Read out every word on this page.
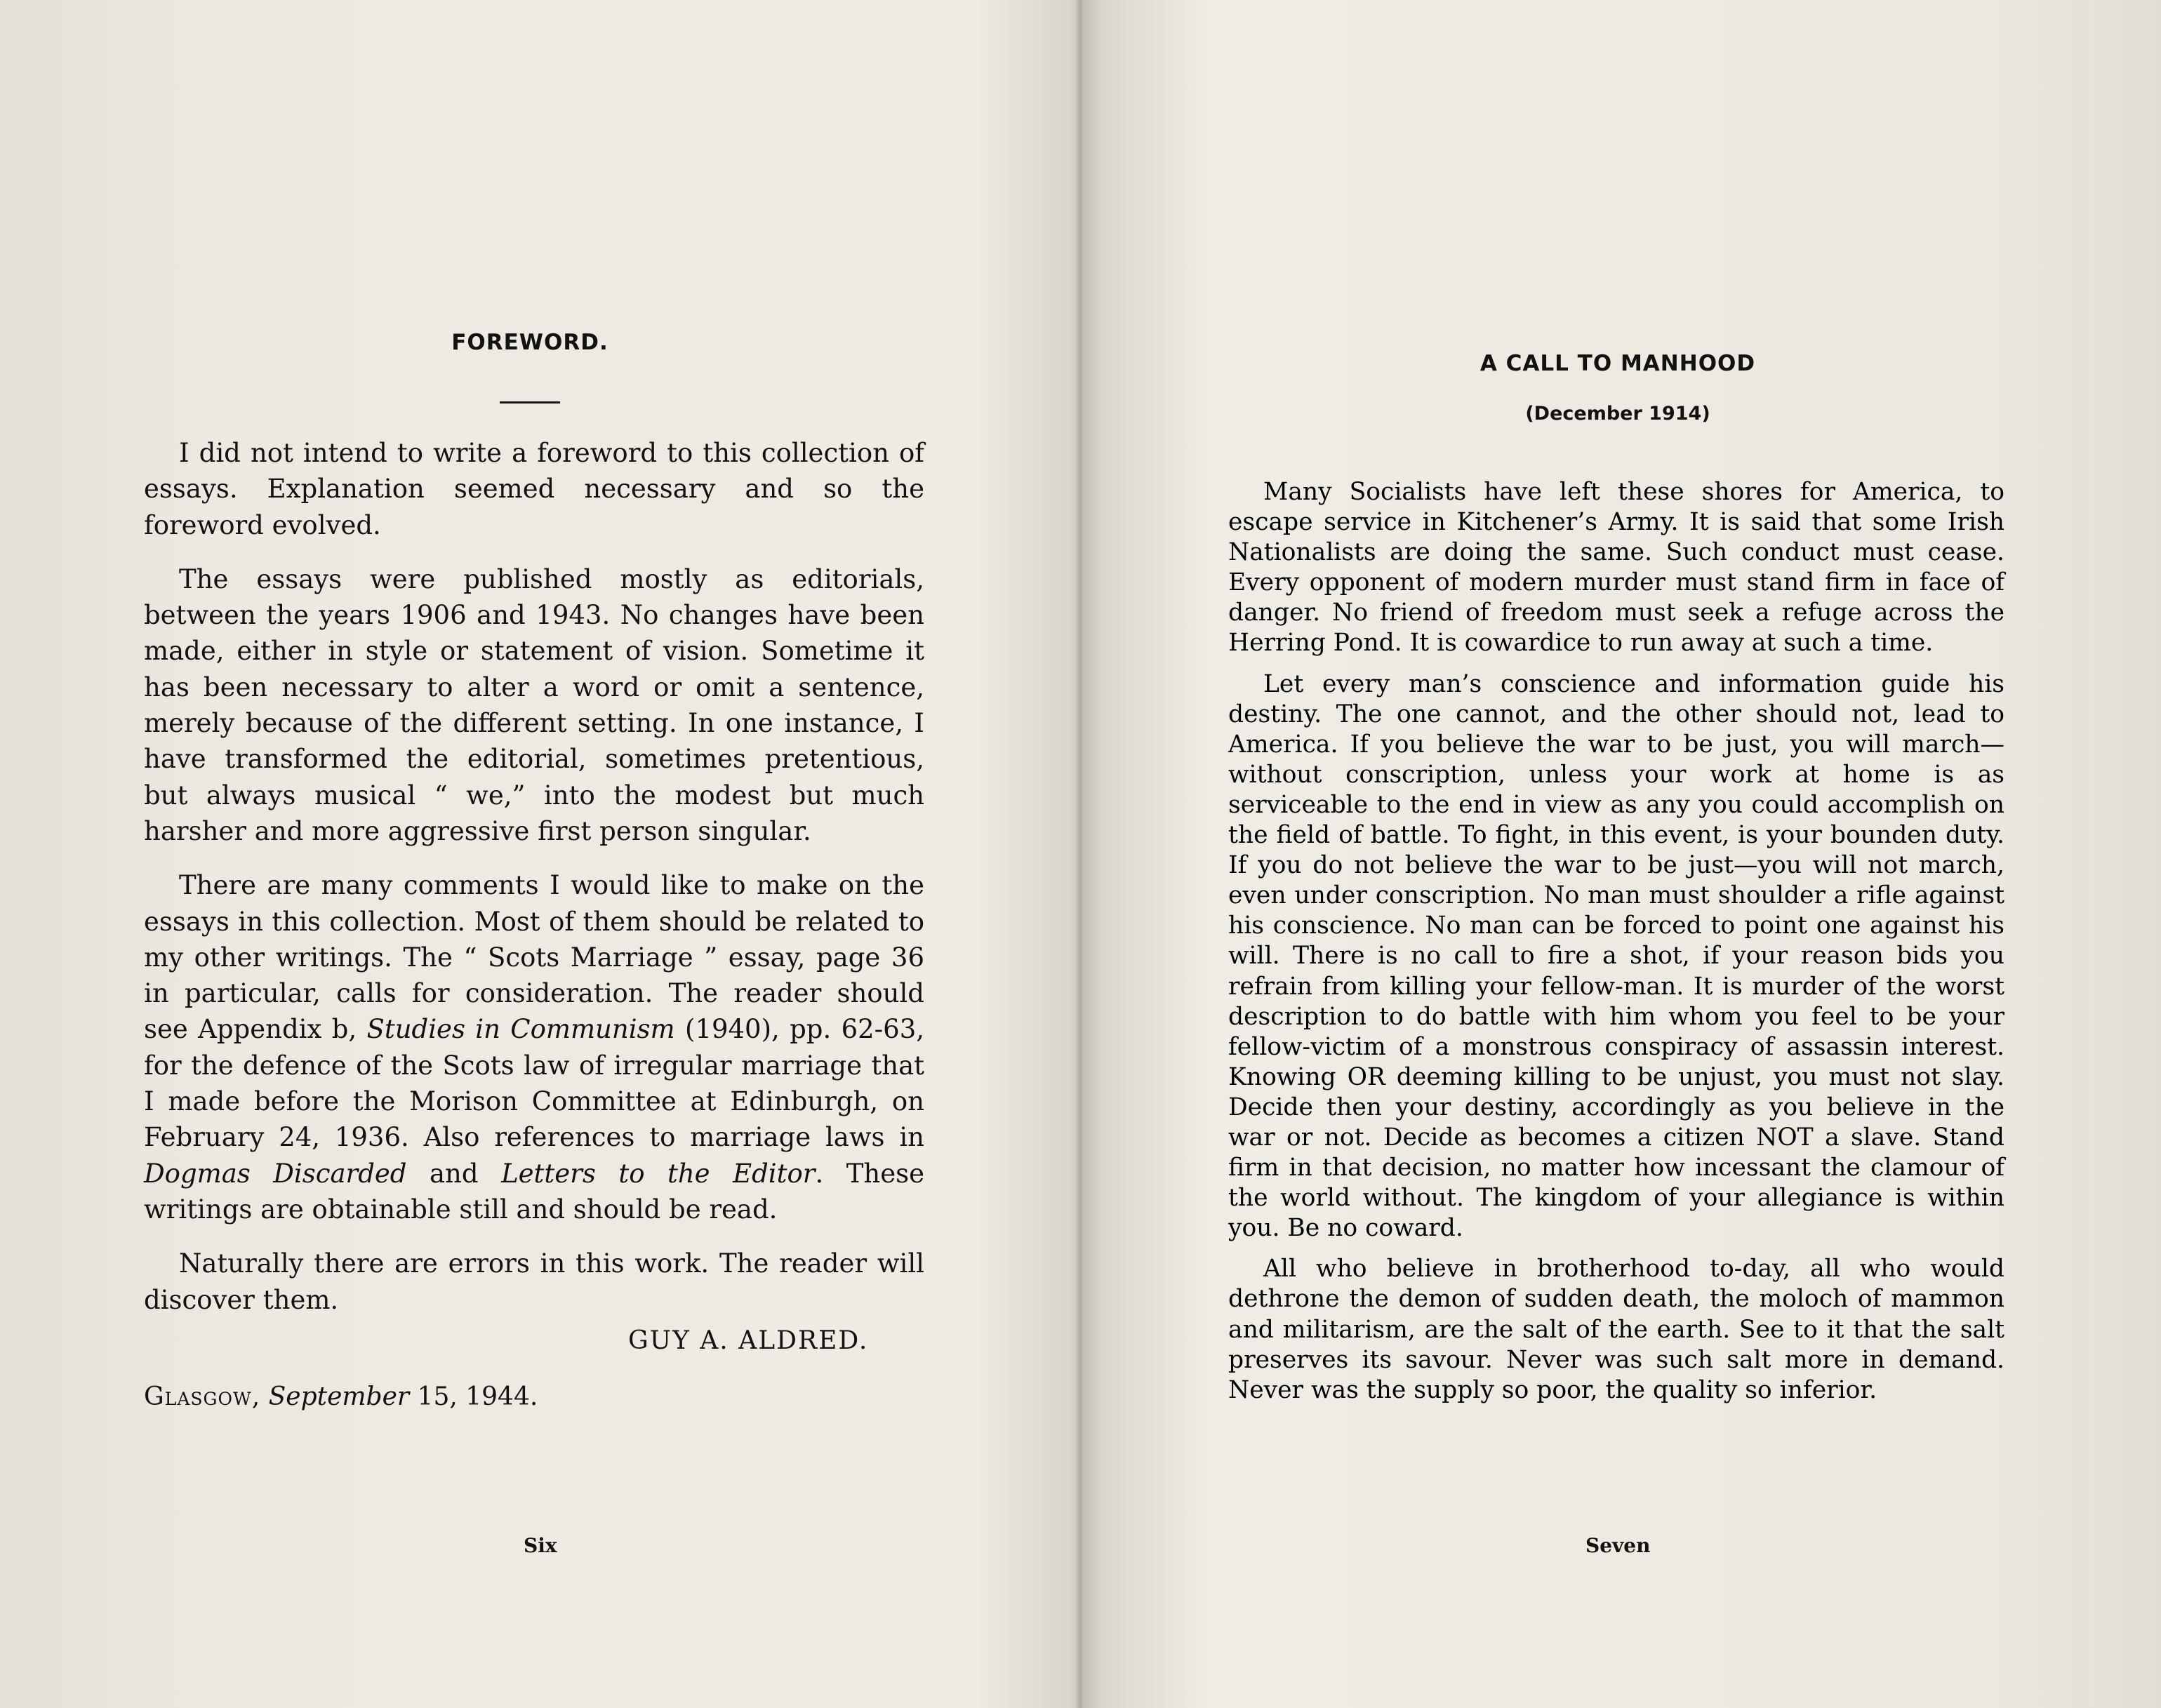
FOREWORD.

I did not intend to write a foreword to this collection of essays. Explanation seemed necessary and so the foreword evolved.

The essays were published mostly as editorials, between the years 1906 and 1943. No changes have been made, either in style or statement of vision. Sometime it has been necessary to alter a word or omit a sentence, merely because of the different setting. In one instance, I have transformed the editorial, sometimes pretentious, but always musical “ we,” into the modest but much harsher and more aggressive first person singular.

There are many comments I would like to make on the essays in this collection. Most of them should be related to my other writings. The “ Scots Marriage ” essay, page 36 in particular, calls for consideration. The reader should see Appendix b, Studies in Communism (1940), pp. 62-63, for the defence of the Scots law of irregular marriage that I made before the Morison Committee at Edinburgh, on February 24, 1936. Also references to marriage laws in Dogmas Discarded and Letters to the Editor. These writings are obtainable still and should be read.

Naturally there are errors in this work. The reader will discover them.

GUY A. ALDRED.
Glasgow, September 15, 1944.
Six
A CALL TO MANHOOD
(December 1914)
Seven

Many Socialists have left these shores for America, to escape service in Kitchener’s Army. It is said that some Irish Nationalists are doing the same. Such conduct must cease. Every opponent of modern murder must stand firm in face of danger. No friend of freedom must seek a refuge across the Herring Pond. It is cowardice to run away at such a time.

Let every man’s conscience and information guide his destiny. The one cannot, and the other should not, lead to America. If you believe the war to be just, you will march—without conscription, unless your work at home is as serviceable to the end in view as any you could accomplish on the field of battle. To fight, in this event, is your bounden duty. If you do not believe the war to be just—you will not march, even under conscription. No man must shoulder a rifle against his conscience. No man can be forced to point one against his will. There is no call to fire a shot, if your reason bids you refrain from killing your fellow-man. It is murder of the worst description to do battle with him whom you feel to be your fellow-victim of a monstrous conspiracy of assassin interest. Knowing OR deeming killing to be unjust, you must not slay. Decide then your destiny, accordingly as you believe in the war or not. Decide as becomes a citizen NOT a slave. Stand firm in that decision, no matter how incessant the clamour of the world without. The kingdom of your allegiance is within you. Be no coward.

All who believe in brotherhood to-day, all who would dethrone the demon of sudden death, the moloch of mammon and militarism, are the salt of the earth. See to it that the salt preserves its savour. Never was such salt more in demand. Never was the supply so poor, the quality so inferior.
